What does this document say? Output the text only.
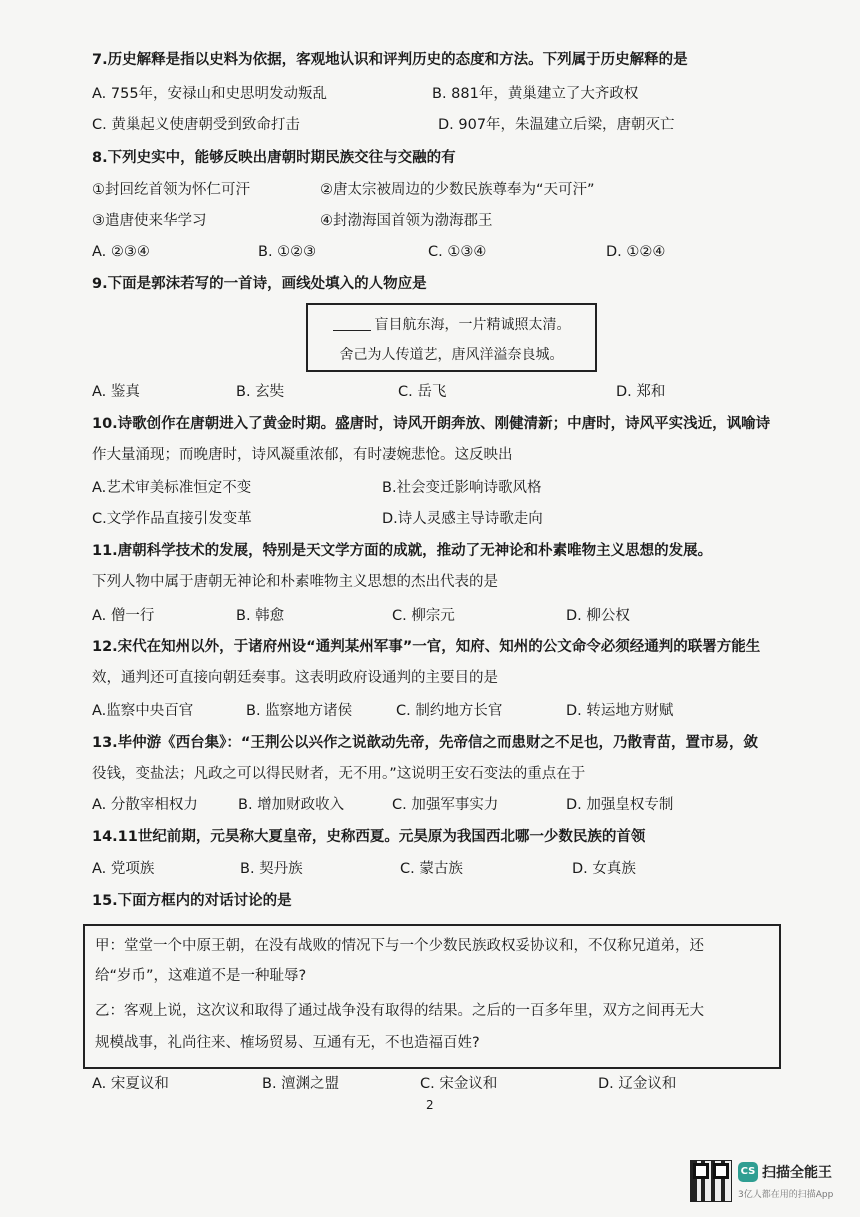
7.历史解释是指以史料为依据，客观地认识和评判历史的态度和方法。下列属于历史解释的是
A. 755年，安禄山和史思明发动叛乱	B. 881年，黄巢建立了大齐政权
C. 黄巢起义使唐朝受到致命打击	D. 907年，朱温建立后梁，唐朝灭亡
8.下列史实中，能够反映出唐朝时期民族交往与交融的有
①封回纥首领为怀仁可汗	②唐太宗被周边的少数民族尊奉为“天可汗”
③遣唐使来华学习	④封渤海国首领为渤海郡王
A. ②③④	B. ①②③	C. ①③④	D. ①②④
9.下面是郭沫若写的一首诗，画线处填入的人物应是
盲目航东海，一片精诚照太清。
舍己为人传道艺，唐风洋溢奈良城。
A. 鉴真	B. 玄奘	C. 岳飞	D. 郑和
10.诗歌创作在唐朝进入了黄金时期。盛唐时，诗风开朗奔放、刚健清新；中唐时，诗风平实浅近，讽喻诗
作大量涌现；而晚唐时，诗风凝重浓郁，有时凄婉悲怆。这反映出
A.艺术审美标准恒定不变	B.社会变迁影响诗歌风格
C.文学作品直接引发变革	D.诗人灵感主导诗歌走向
11.唐朝科学技术的发展，特别是天文学方面的成就，推动了无神论和朴素唯物主义思想的发展。
下列人物中属于唐朝无神论和朴素唯物主义思想的杰出代表的是
A. 僧一行	B. 韩愈	C. 柳宗元	D. 柳公权
12.宋代在知州以外，于诸府州设“通判某州军事”一官，知府、知州的公文命令必须经通判的联署方能生
效，通判还可直接向朝廷奏事。这表明政府设通判的主要目的是
A.监察中央百官	B. 监察地方诸侯	C. 制约地方长官	D. 转运地方财赋
13.毕仲游《西台集》：“王荆公以兴作之说歆动先帝，先帝信之而患财之不足也，乃散青苗，置市易，敛
役钱，变盐法；凡政之可以得民财者，无不用。”这说明王安石变法的重点在于
A. 分散宰相权力	B. 增加财政收入	C. 加强军事实力	D. 加强皇权专制
14.11世纪前期，元昊称大夏皇帝，史称西夏。元昊原为我国西北哪一少数民族的首领
A. 党项族	B. 契丹族	C. 蒙古族	D. 女真族
15.下面方框内的对话讨论的是
甲：堂堂一个中原王朝，在没有战败的情况下与一个少数民族政权妥协议和，不仅称兄道弟，还
给“岁币”，这难道不是一种耻辱?
乙：客观上说，这次议和取得了通过战争没有取得的结果。之后的一百多年里，双方之间再无大
规模战事，礼尚往来、榷场贸易、互通有无，不也造福百姓?
A. 宋夏议和	B. 澶渊之盟	C. 宋金议和	D. 辽金议和
2
CS 扫描全能王
3亿人都在用的扫描App
